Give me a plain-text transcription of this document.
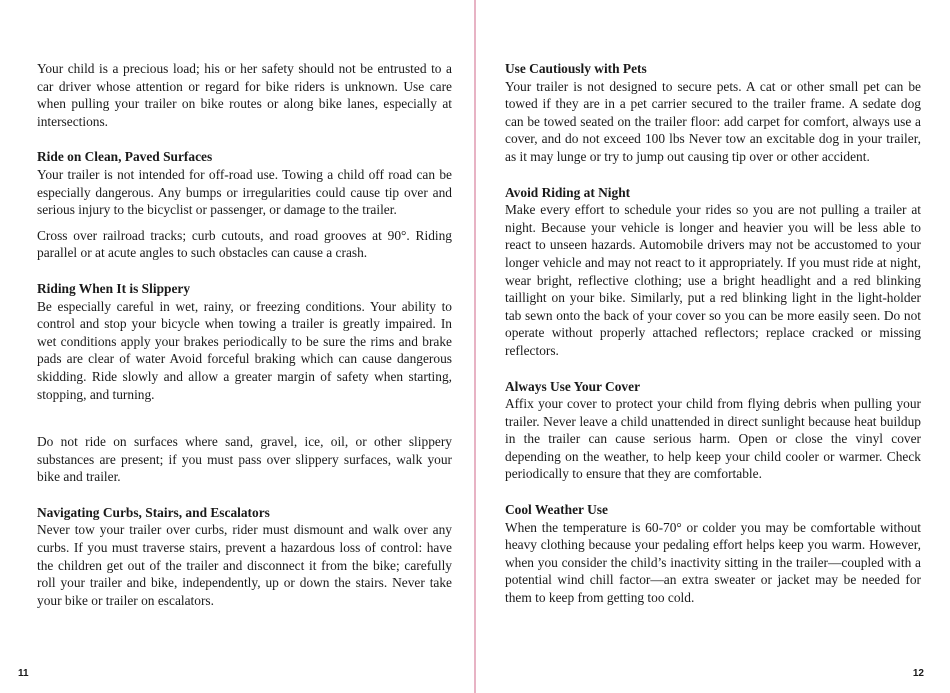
Your child is a precious load; his or her safety should not be entrusted to a car driver whose attention or regard for bike riders is unknown. Use care when pulling your trailer on bike routes or along bike lanes, especially at intersections.

Ride on Clean, Paved Surfaces

Your trailer is not intended for off-road use. Towing a child off road can be especially dangerous. Any bumps or irregularities could cause tip over and serious injury to the bicyclist or passenger, or damage to the trailer.

Cross over railroad tracks; curb cutouts, and road grooves at 90°. Riding parallel or at acute angles to such obstacles can cause a crash.

Riding When It is Slippery

Be especially careful in wet, rainy, or freezing conditions. Your ability to control and stop your bicycle when towing a trailer is greatly impaired. In wet conditions apply your brakes periodically to be sure the rims and brake pads are clear of water Avoid forceful braking which can cause dangerous skidding. Ride slowly and allow a greater margin of safety when starting, stopping, and turning.

Do not ride on surfaces where sand, gravel, ice, oil, or other slippery substances are present; if you must pass over slippery surfaces, walk your bike and trailer.

Navigating Curbs, Stairs, and Escalators

Never tow your trailer over curbs, rider must dismount and walk over any curbs. If you must traverse stairs, prevent a hazardous loss of control: have the children get out of the trailer and disconnect it from the bike; carefully roll your trailer and bike, independently, up or down the stairs. Never take your bike or trailer on escalators.

11
Use Cautiously with Pets

Your trailer is not designed to secure pets. A cat or other small pet can be towed if they are in a pet carrier secured to the trailer frame. A sedate dog can be towed seated on the trailer floor: add carpet for comfort, always use a cover, and do not exceed 100 lbs Never tow an excitable dog in your trailer, as it may lunge or try to jump out causing tip over or other accident.

Avoid Riding at Night

Make every effort to schedule your rides so you are not pulling a trailer at night. Because your vehicle is longer and heavier you will be less able to react to unseen hazards. Automobile drivers may not be accustomed to your longer vehicle and may not react to it appropriately. If you must ride at night, wear bright, reflective clothing; use a bright headlight and a red blinking taillight on your bike. Similarly, put a red blinking light in the light-holder tab sewn onto the back of your cover so you can be more easily seen. Do not operate without properly attached reflectors; replace cracked or missing reflectors.

Always Use Your Cover

Affix your cover to protect your child from flying debris when pulling your trailer. Never leave a child unattended in direct sunlight because heat buildup in the trailer can cause serious harm. Open or close the vinyl cover depending on the weather, to help keep your child cooler or warmer. Check periodically to ensure that they are comfortable.

Cool Weather Use

When the temperature is 60-70° or colder you may be comfortable without heavy clothing because your pedaling effort helps keep you warm. However, when you consider the child’s inactivity sitting in the trailer—coupled with a potential wind chill factor—an extra sweater or jacket may be needed for them to keep from getting too cold.

12
